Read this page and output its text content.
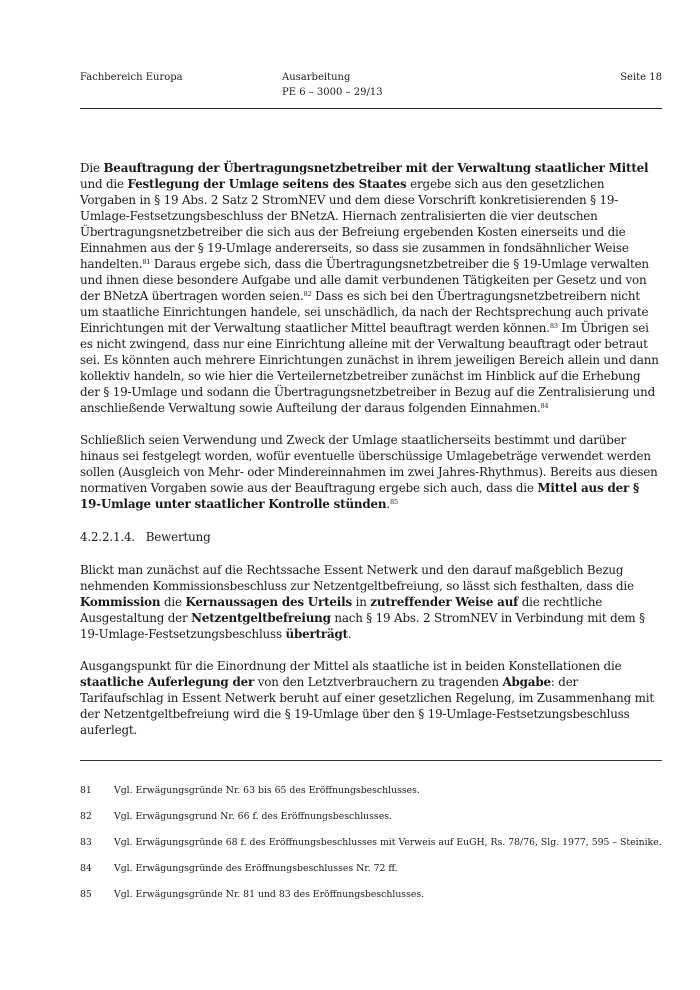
Fachbereich Europa	Ausarbeitung
PE 6 – 3000 – 29/13
Seite 18

Die Beauftragung der Übertragungsnetzbetreiber mit der Verwaltung staatlicher Mittel und die Festlegung der Umlage seitens des Staates ergebe sich aus den gesetzlichen Vorgaben in § 19 Abs. 2 Satz 2 StromNEV und dem diese Vorschrift konkretisierenden § 19-Umlage-Festsetzungsbeschluss der BNetzA. Hiernach zentralisierten die vier deutschen Übertragungsnetzbetreiber die sich aus der Befreiung ergebenden Kosten einerseits und die Einnahmen aus der § 19-Umlage andererseits, so dass sie zusammen in fondsähnlicher Weise handelten.$^{81}$ Daraus ergebe sich, dass die Übertragungsnetzbetreiber die § 19-Umlage verwalten und ihnen diese besondere Aufgabe und alle damit verbundenen Tätigkeiten per Gesetz und von der BNetzA übertragen worden seien.$^{82}$ Dass es sich bei den Übertragungsnetzbetreibern nicht um staatliche Einrichtungen handele, sei unschädlich, da nach der Rechtsprechung auch private Einrichtungen mit der Verwaltung staatlicher Mittel beauftragt werden können.$^{83}$ Im Übrigen sei es nicht zwingend, dass nur eine Einrichtung alleine mit der Verwaltung beauftragt oder betraut sei. Es könnten auch mehrere Einrichtungen zunächst in ihrem jeweiligen Bereich allein und dann kollektiv handeln, so wie hier die Verteilernetzbetreiber zunächst im Hinblick auf die Erhebung der § 19-Umlage und sodann die Übertragungsnetzbetreiber in Bezug auf die Zentralisierung und anschließende Verwaltung sowie Aufteilung der daraus folgenden Einnahmen.$^{84}$

Schließlich seien Verwendung und Zweck der Umlage staatlicherseits bestimmt und darüber hinaus sei festgelegt worden, wofür eventuelle überschüssige Umlagebeträge verwendet werden sollen (Ausgleich von Mehr- oder Mindereinnahmen im zwei Jahres-Rhythmus). Bereits aus diesen normativen Vorgaben sowie aus der Beauftragung ergebe sich auch, dass die Mittel aus der § 19-Umlage unter staatlicher Kontrolle stünden.$^{85}$

4.2.2.1.4. Bewertung

Blickt man zunächst auf die Rechtssache Essent Netwerk und den darauf maßgeblich Bezug nehmenden Kommissionsbeschluss zur Netzentgeltbefreiung, so lässt sich festhalten, dass die Kommission die Kernaussagen des Urteils in zutreffender Weise auf die rechtliche Ausgestaltung der Netzentgeltbefreiung nach § 19 Abs. 2 StromNEV in Verbindung mit dem § 19-Umlage-Festsetzungsbeschluss überträgt.

Ausgangspunkt für die Einordnung der Mittel als staatliche ist in beiden Konstellationen die staatliche Auferlegung der von den Letztverbrauchern zu tragenden Abgabe: der Tarifaufschlag in Essent Netwerk beruht auf einer gesetzlichen Regelung, im Zusammenhang mit der Netzentgeltbefreiung wird die § 19-Umlage über den § 19-Umlage-Festsetzungsbeschluss auferlegt.

81 Vgl. Erwägungsgründe Nr. 63 bis 65 des Eröffnungsbeschlusses.
82 Vgl. Erwägungsgrund Nr. 66 f. des Eröffnungsbeschlusses.
83 Vgl. Erwägungsgründe 68 f. des Eröffnungsbeschlusses mit Verweis auf EuGH, Rs. 78/76, Slg. 1977, 595 – Steinike.
84 Vgl. Erwägungsgründe des Eröffnungsbeschlusses Nr. 72 ff.
85 Vgl. Erwägungsgründe Nr. 81 und 83 des Eröffnungsbeschlusses.
